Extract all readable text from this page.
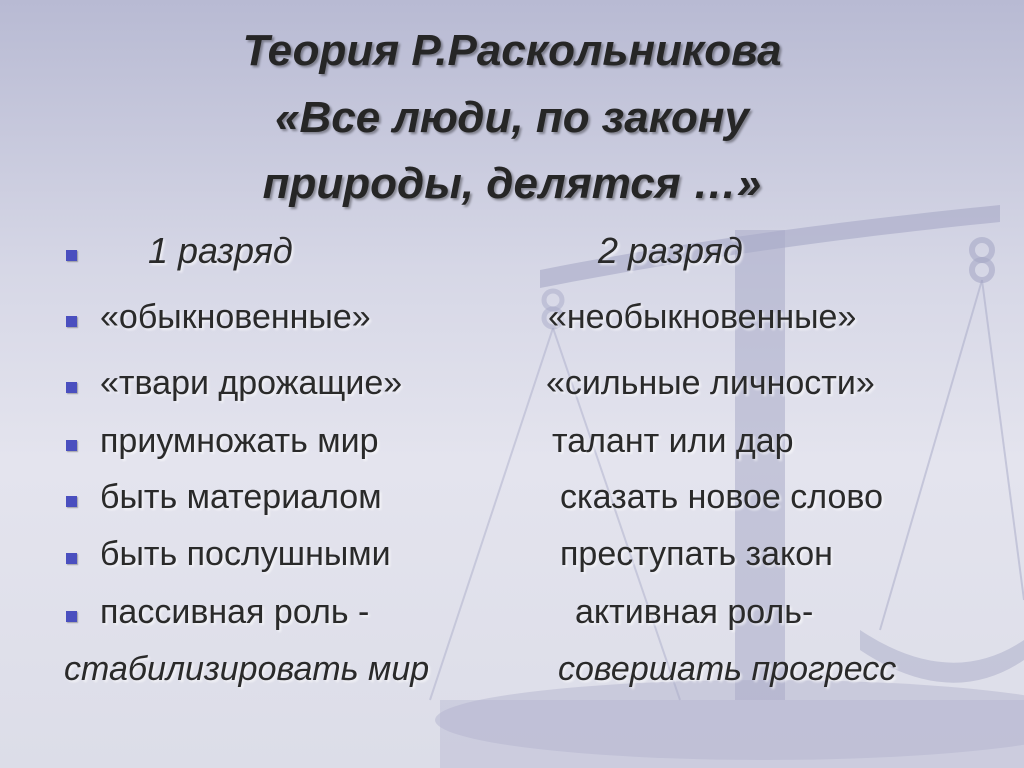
Теория Р.Раскольникова
«Все люди, по закону
природы, делятся …»
1 разряд	2 разряд
«обыкновенные»	«необыкновенные»
«твари дрожащие»	«сильные личности»
приумножать мир	талант или дар
быть материалом	сказать новое слово
быть послушными	преступать закон
пассивная роль -	активная роль-
стабилизировать мир	совершать прогресс
